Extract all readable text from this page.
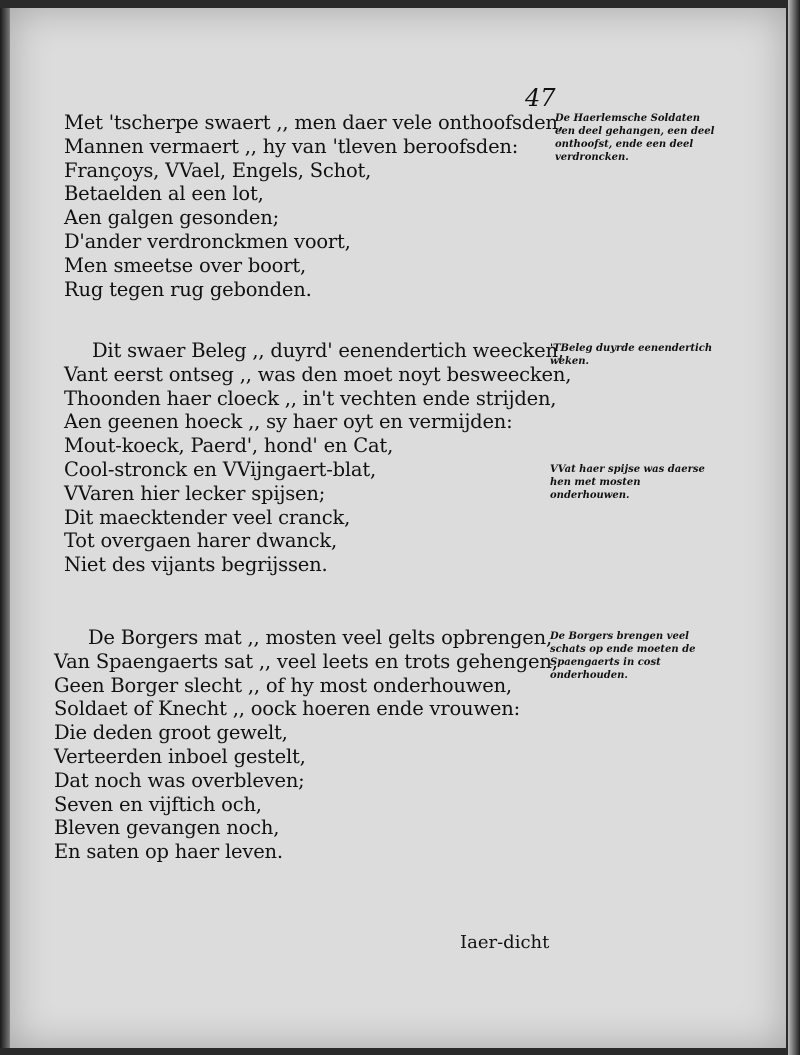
47
Met 'tscherpe swaert ,, men daer vele onthoofsden,
Mannen vermaert ,, hy van 'tleven beroofsden:
Françoys, VVael, Engels, Schot,
Betaelden al een lot,
Aen galgen gesonden;
D'ander verdronckmen voort,
Men smeetse over boort,
Rug tegen rug gebonden.
Dit swaer Beleg ,, duyrd' eenendertich weecken,
Vant eerst ontseg ,, was den moet noyt besweecken,
Thoonden haer cloeck ,, in't vechten ende strijden,
Aen geenen hoeck ,, sy haer oyt en vermijden:
Mout-koeck, Paerd', hond' en Cat,
Cool-stronck en VVijngaert-blat,
VVaren hier lecker spijsen;
Dit maecktender veel cranck,
Tot overgaen harer dwanck,
Niet des vijants begrijssen.
De Borgers mat ,, mosten veel gelts opbrengen,
Van Spaengaerts sat ,, veel leets en trots gehengen,
Geen Borger slecht ,, of hy most onderhouwen,
Soldaet of Knecht ,, oock hoeren ende vrouwen:
Die deden groot gewelt,
Verteerden inboel gestelt,
Dat noch was overbleven;
Seven en vijftich och,
Bleven gevangen noch,
En saten op haer leven.
De Haerlemsche Soldaten een deel gehangen, een deel onthoofst, ende een deel verdroncken.
'TBeleg duyrde eenendertich weken.
VVat haer spijse was daerse hen met mosten onderhouwen.
De Borgers brengen veel schats op ende moeten de Spaengaerts in cost onderhouden.
Iaer-dicht
